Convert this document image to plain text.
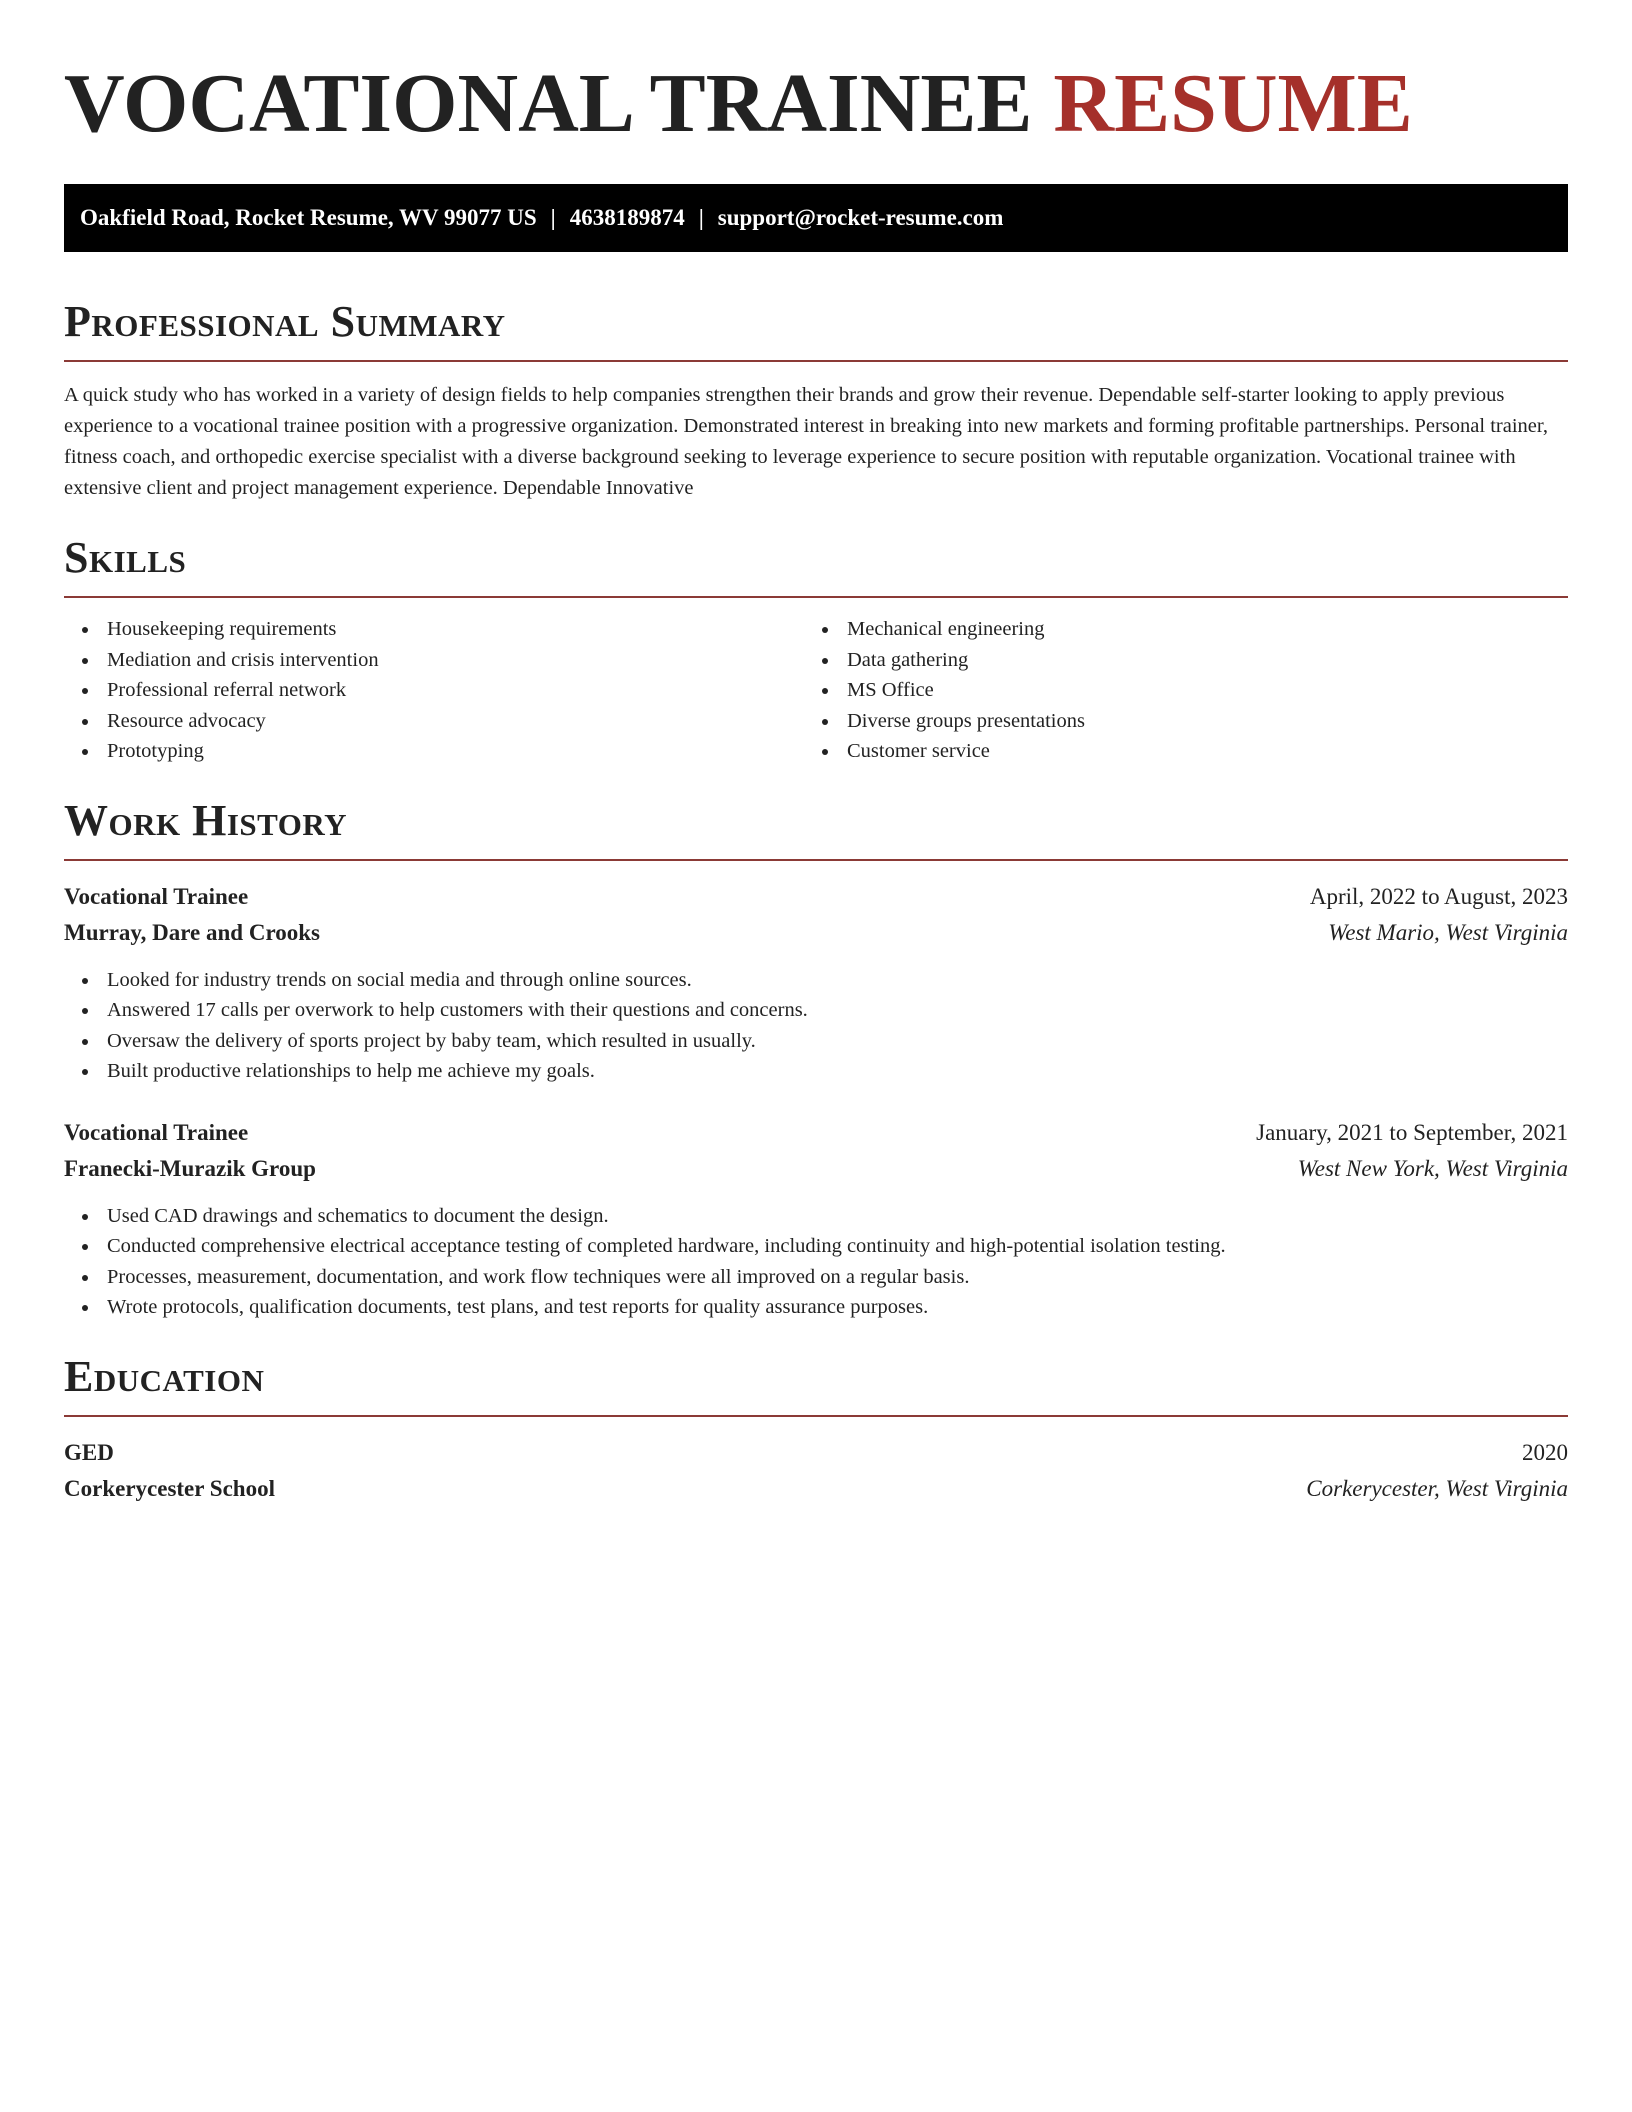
VOCATIONAL TRAINEE RESUME
Oakfield Road, Rocket Resume, WV 99077 US | 4638189874 | support@rocket-resume.com
Professional Summary

A quick study who has worked in a variety of design fields to help companies strengthen their brands and grow their revenue. Dependable self-starter looking to apply previous experience to a vocational trainee position with a progressive organization. Demonstrated interest in breaking into new markets and forming profitable partnerships. Personal trainer, fitness coach, and orthopedic exercise specialist with a diverse background seeking to leverage experience to secure position with reputable organization. Vocational trainee with extensive client and project management experience. Dependable Innovative

Skills
Housekeeping requirements
Mediation and crisis intervention
Professional referral network
Resource advocacy
Prototyping
Mechanical engineering
Data gathering
MS Office
Diverse groups presentations
Customer service
Work History
Vocational Trainee	April, 2022 to August, 2023
Murray, Dare and Crooks	West Mario, West Virginia
Looked for industry trends on social media and through online sources.
Answered 17 calls per overwork to help customers with their questions and concerns.
Oversaw the delivery of sports project by baby team, which resulted in usually.
Built productive relationships to help me achieve my goals.
Vocational Trainee	January, 2021 to September, 2021
Franecki-Murazik Group	West New York, West Virginia
Used CAD drawings and schematics to document the design.
Conducted comprehensive electrical acceptance testing of completed hardware, including continuity and high-potential isolation testing.
Processes, measurement, documentation, and work flow techniques were all improved on a regular basis.
Wrote protocols, qualification documents, test plans, and test reports for quality assurance purposes.
Education
GED	2020
Corkerycester School	Corkerycester, West Virginia
